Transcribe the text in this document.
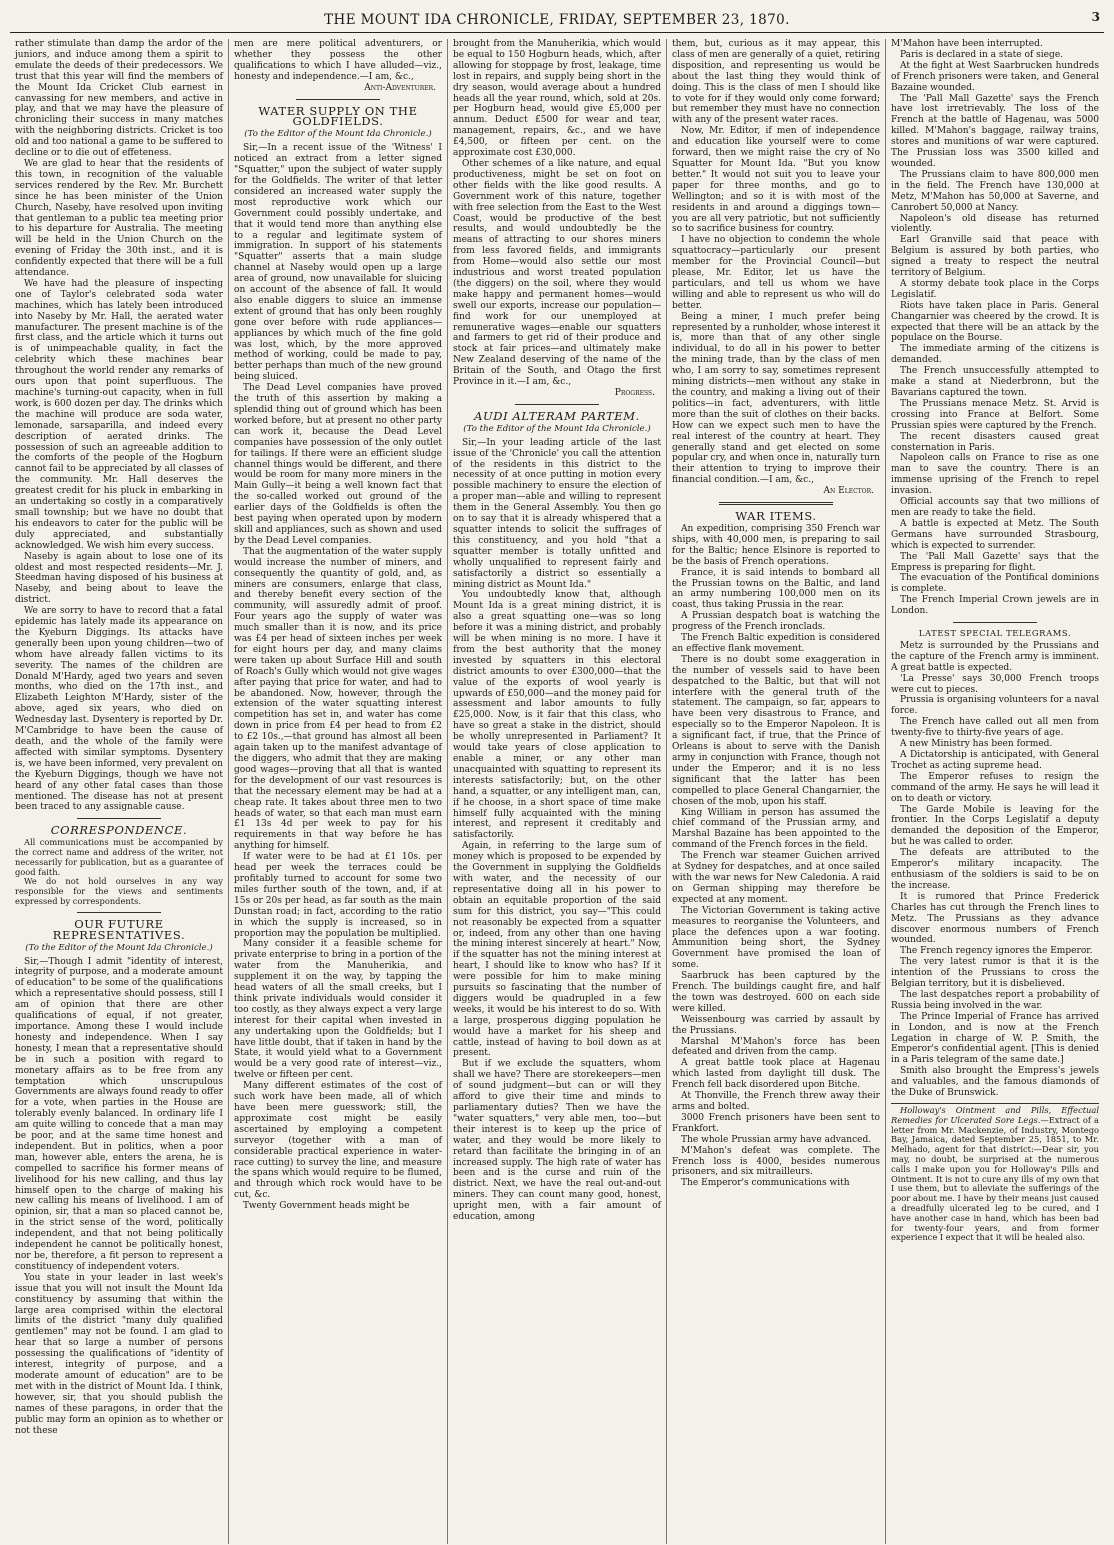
THE MOUNT IDA CHRONICLE, FRIDAY, SEPTEMBER 23, 1870.	3

rather stimulate than damp the ardor of the juniors, and induce among them a spirit to emulate the deeds of their predecessors. We trust that this year will find the members of the Mount Ida Cricket Club earnest in canvassing for new members, and active in play, and that we may have the pleasure of chronicling their success in many matches with the neighboring districts. Cricket is too old and too national a game to be suffered to decline or to die out of effeteness.

We are glad to hear that the residents of this town, in recognition of the valuable services rendered by the Rev. Mr. Burchett since he has been minister of the Union Church, Naseby, have resolved upon inviting that gentleman to a public tea meeting prior to his departure for Australia. The meeting will be held in the Union Church on the evening of Friday the 30th inst., and it is confidently expected that there will be a full attendance.

We have had the pleasure of inspecting one of Taylor's celebrated soda water machines, which has lately been introduced into Naseby by Mr. Hall, the aerated water manufacturer. The present machine is of the first class, and the article which it turns out is of unimpeachable quality, in fact the celebrity which these machines bear throughout the world render any remarks of ours upon that point superfluous. The machine's turning-out capacity, when in full work, is 600 dozen per day. The drinks which the machine will produce are soda water, lemonade, sarsaparilla, and indeed every description of aerated drinks. The possession of such an agreeable addition to the comforts of the people of the Hogburn cannot fail to be appreciated by all classes of the community. Mr. Hall deserves the greatest credit for his pluck in embarking in an undertaking so costly in a comparatively small township; but we have no doubt that his endeavors to cater for the public will be duly appreciated, and substantially acknowledged. We wish him every success.

Naseby is again about to lose one of its oldest and most respected residents—Mr. J. Steedman having disposed of his business at Naseby, and being about to leave the district.

We are sorry to have to record that a fatal epidemic has lately made its appearance on the Kyeburn Diggings. Its attacks have generally been upon young children—two of whom have already fallen victims to its severity. The names of the children are Donald M'Hardy, aged two years and seven months, who died on the 17th inst., and Elizabeth Leighton M'Hardy, sister of the above, aged six years, who died on Wednesday last. Dysentery is reported by Dr. M'Cambridge to have been the cause of death, and the whole of the family were affected with similar symptoms. Dysentery is, we have been informed, very prevalent on the Kyeburn Diggings, though we have not heard of any other fatal cases than those mentioned. The disease has not at present been traced to any assignable cause.

CORRESPONDENCE.

All communications must be accompanied by the correct name and address of the writer, not necessarily for publication, but as a guarantee of good faith.

We do not hold ourselves in any way responsible for the views and sentiments expressed by correspondents.

OUR FUTURE REPRESENTATIVES.
(To the Editor of the Mount Ida Chronicle.)

Sir,—Though I admit "identity of interest, integrity of purpose, and a moderate amount of education" to be some of the qualifications which a representative should possess, still I am of opinion that there are other qualifications of equal, if not greater, importance. Among these I would include honesty and independence. When I say honesty, I mean that a representative should be in such a position with regard to monetary affairs as to be free from any temptation which unscrupulous Governments are always found ready to offer for a vote, when parties in the House are tolerably evenly balanced. In ordinary life I am quite willing to concede that a man may be poor, and at the same time honest and independent. But in politics, when a poor man, however able, enters the arena, he is compelled to sacrifice his former means of livelihood for his new calling, and thus lay himself open to the charge of making his new calling his means of livelihood. I am of opinion, sir, that a man so placed cannot be, in the strict sense of the word, politically independent, and that not being politically independent he cannot be politically honest, nor be, therefore, a fit person to represent a constituency of independent voters.

You state in your leader in last week's issue that you will not insult the Mount Ida constituency by assuming that within the large area comprised within the electoral limits of the district "many duly qualified gentlemen" may not be found. I am glad to hear that so large a number of persons possessing the qualifications of "identity of interest, integrity of purpose, and a moderate amount of education" are to be met with in the district of Mount Ida. I think, however, sir, that you should publish the names of these paragons, in order that the public may form an opinion as to whether or not these

men are mere political adventurers, or whether they possess the other qualifications to which I have alluded—viz., honesty and independence.—I am, &c.,

Anti-Adventurer.

WATER SUPPLY ON THE GOLDFIELDS.
(To the Editor of the Mount Ida Chronicle.)

Sir,—In a recent issue of the 'Witness' I noticed an extract from a letter signed "Squatter," upon the subject of water supply for the Goldfields. The writer of that letter considered an increased water supply the most reproductive work which our Government could possibly undertake, and that it would tend more than anything else to a regular and legitimate system of immigration. In support of his statements "Squatter" asserts that a main sludge channel at Naseby would open up a large area of ground, now unavailable for sluicing on account of the absence of fall. It would also enable diggers to sluice an immense extent of ground that has only been roughly gone over before with rude appliances—appliances by which much of the fine gold was lost, which, by the more approved method of working, could be made to pay, better perhaps than much of the new ground being sluiced.

The Dead Level companies have proved the truth of this assertion by making a splendid thing out of ground which has been worked before, but at present no other party can work it, because the Dead Level companies have possession of the only outlet for tailings. If there were an efficient sludge channel things would be different, and there would be room for many more miners in the Main Gully—it being a well known fact that the so-called worked out ground of the earlier days of the Goldfields is often the best paying when operated upon by modern skill and appliances, such as shown and used by the Dead Level companies.

That the augmentation of the water supply would increase the number of miners, and consequently the quantity of gold, and, as miners are consumers, enlarge that class, and thereby benefit every section of the community, will assuredly admit of proof. Four years ago the supply of water was much smaller than it is now, and its price was £4 per head of sixteen inches per week for eight hours per day, and many claims were taken up about Surface Hill and south of Roach's Gully which would not give wages after paying that price for water, and had to be abandoned. Now, however, through the extension of the water squatting interest competition has set in, and water has come down in price from £4 per head to from £2 to £2 10s.,—that ground has almost all been again taken up to the manifest advantage of the diggers, who admit that they are making good wages—proving that all that is wanted for the development of our vast resources is that the necessary element may be had at a cheap rate. It takes about three men to two heads of water, so that each man must earn £1 13s 4d per week to pay for his requirements in that way before he has anything for himself.

If water were to be had at £1 10s. per head per week the terraces could be profitably turned to account for some two miles further south of the town, and, if at 15s or 20s per head, as far south as the main Dunstan road; in fact, according to the ratio in which the supply is increased, so in proportion may the population be multiplied.

Many consider it a feasible scheme for private enterprise to bring in a portion of the water from the Manuherikia, and supplement it on the way, by tapping the head waters of all the small creeks, but I think private individuals would consider it too costly, as they always expect a very large interest for their capital when invested in any undertaking upon the Goldfields; but I have little doubt, that if taken in hand by the State, it would yield what to a Government would be a very good rate of interest—viz., twelve or fifteen per cent.

Many different estimates of the cost of such work have been made, all of which have been mere guesswork; still, the approximate cost might be easily ascertained by employing a competent surveyor (together with a man of considerable practical experience in water-race cutting) to survey the line, and measure the spans which would require to be flumed, and through which rock would have to be cut, &c.

Twenty Government heads might be

brought from the Manuherikia, which would be equal to 150 Hogburn heads, which, after allowing for stoppage by frost, leakage, time lost in repairs, and supply being short in the dry season, would average about a hundred heads all the year round, which, sold at 20s. per Hogburn head, would give £5,000 per annum. Deduct £500 for wear and tear, management, repairs, &c., and we have £4,500, or fifteen per cent. on the approximate cost £30,000.

Other schemes of a like nature, and equal productiveness, might be set on foot on other fields with the like good results. A Government work of this nature, together with free selection from the East to the West Coast, would be productive of the best results, and would undoubtedly be the means of attracting to our shores miners from less favored fields, and immigrants from Home—would also settle our most industrious and worst treated population (the diggers) on the soil, where they would make happy and permanent homes—would swell our exports, increase our population—find work for our unemployed at remunerative wages—enable our squatters and farmers to get rid of their produce and stock at fair prices—and ultimately make New Zealand deserving of the name of the Britain of the South, and Otago the first Province in it.—I am, &c.,

Progress.

AUDI ALTERAM PARTEM.
(To the Editor of the Mount Ida Chronicle.)

Sir,—In your leading article of the last issue of the 'Chronicle' you call the attention of the residents in this district to the necessity of at once putting in motion every possible machinery to ensure the election of a proper man—able and willing to represent them in the General Assembly. You then go on to say that it is already whispered that a squatter intends to solicit the suffrages of this constituency, and you hold "that a squatter member is totally unfitted and wholly unqualified to represent fairly and satisfactorily a district so essentially a mining district as Mount Ida."

You undoubtedly know that, although Mount Ida is a great mining district, it is also a great squatting one—was so long before it was a mining district, and probably will be when mining is no more. I have it from the best authority that the money invested by squatters in this electoral district amounts to over £300,000—that the value of the exports of wool yearly is upwards of £50,000—and the money paid for assessment and labor amounts to fully £25,000. Now, is it fair that this class, who have so great a stake in the district, should be wholly unrepresented in Parliament? It would take years of close application to enable a miner, or any other man unacquainted with squatting to represent its interests satisfactorily; but, on the other hand, a squatter, or any intelligent man, can, if he choose, in a short space of time make himself fully acquainted with the mining interest, and represent it creditably and satisfactorily.

Again, in referring to the large sum of money which is proposed to be expended by the Government in supplying the Goldfields with water, and the necessity of our representative doing all in his power to obtain an equitable proportion of the said sum for this district, you say—"This could not reasonably be expected from a squatter or, indeed, from any other than one having the mining interest sincerely at heart." Now, if the squatter has not the mining interest at heart, I should like to know who has? If it were possible for him to make mining pursuits so fascinating that the number of diggers would be quadrupled in a few weeks, it would be his interest to do so. With a large, prosperous digging population he would have a market for his sheep and cattle, instead of having to boil down as at present.

But if we exclude the squatters, whom shall we have? There are storekeepers—men of sound judgment—but can or will they afford to give their time and minds to parliamentary duties? Then we have the "water squatters," very able men, too—but their interest is to keep up the price of water, and they would be more likely to retard than facilitate the bringing in of an increased supply. The high rate of water has been and is the curse and ruin of the district. Next, we have the real out-and-out miners. They can count many good, honest, upright men, with a fair amount of education, among

them, but, curious as it may appear, this class of men are generally of a quiet, retiring disposition, and representing us would be about the last thing they would think of doing. This is the class of men I should like to vote for if they would only come forward; but remember they must have no connection with any of the present water races.

Now, Mr. Editor, if men of independence and education like yourself were to come forward, then we might raise the cry of No Squatter for Mount Ida. "But you know better." It would not suit you to leave your paper for three months, and go to Wellington; and so it is with most of the residents in and around a diggings town—you are all very patriotic, but not sufficiently so to sacrifice business for country.

I have no objection to condemn the whole squattocracy—particularly our present member for the Provincial Council—but please, Mr. Editor, let us have the particulars, and tell us whom we have willing and able to represent us who will do better.

Being a miner, I much prefer being represented by a runholder, whose interest it is, more than that of any other single individual, to do all in his power to better the mining trade, than by the class of men who, I am sorry to say, sometimes represent mining districts—men without any stake in the country, and making a living out of their politics—in fact, adventurers, with little more than the suit of clothes on their backs. How can we expect such men to have the real interest of the country at heart. They generally stand and get elected on some popular cry, and when once in, naturally turn their attention to trying to improve their financial condition.—I am, &c.,

An Elector.

WAR ITEMS.

An expedition, comprising 350 French war ships, with 40,000 men, is preparing to sail for the Baltic; hence Elsinore is reported to be the basis of French operations.

France, it is said intends to bombard all the Prussian towns on the Baltic, and land an army numbering 100,000 men on its coast, thus taking Prussia in the rear.

A Prussian despatch boat is watching the progress of the French ironclads.

The French Baltic expedition is considered an effective flank movement.

There is no doubt some exaggeration in the number of vessels said to have been despatched to the Baltic, but that will not interfere with the general truth of the statement. The campaign, so far, appears to have been very disastrous to France, and especially so to the Emperor Napoleon. It is a significant fact, if true, that the Prince of Orleans is about to serve with the Danish army in conjunction with France, though not under the Emperor; and it is no less significant that the latter has been compelled to place General Changarnier, the chosen of the mob, upon his staff.

King William in person has assumed the chief command of the Prussian army, and Marshal Bazaine has been appointed to the command of the French forces in the field.

The French war steamer Guichen arrived at Sydney for despatches, and at once sailed with the war news for New Caledonia. A raid on German shipping may therefore be expected at any moment.

The Victorian Government is taking active measures to reorganise the Volunteers, and place the defences upon a war footing. Ammunition being short, the Sydney Government have promised the loan of some.

Saarbruck has been captured by the French. The buildings caught fire, and half the town was destroyed. 600 on each side were killed.

Weissenbourg was carried by assault by the Prussians.

Marshal M'Mahon's force has been defeated and driven from the camp.

A great battle took place at Hagenau which lasted from daylight till dusk. The French fell back disordered upon Bitche.

At Thonville, the French threw away their arms and bolted.

3000 French prisoners have been sent to Frankfort.

The whole Prussian army have advanced.

M'Mahon's defeat was complete. The French loss is 4000, besides numerous prisoners, and six mitrailleurs.

The Emperor's communications with

M'Mahon have been interrupted.

Paris is declared in a state of siege.

At the fight at West Saarbrucken hundreds of French prisoners were taken, and General Bazaine wounded.

The 'Pall Mall Gazette' says the French have lost irretrievably. The loss of the French at the battle of Hagenau, was 5000 killed. M'Mahon's baggage, railway trains, stores and munitions of war were captured. The Prussian loss was 3500 killed and wounded.

The Prussians claim to have 800,000 men in the field. The French have 130,000 at Metz, M'Mahon has 50,000 at Saverne, and Canrobert 50,000 at Nancy.

Napoleon's old disease has returned violently.

Earl Granville said that peace with Belgium is assured by both parties, who signed a treaty to respect the neutral territory of Belgium.

A stormy debate took place in the Corps Legislatif.

Riots have taken place in Paris. General Changarnier was cheered by the crowd. It is expected that there will be an attack by the populace on the Bourse.

The immediate arming of the citizens is demanded.

The French unsuccessfully attempted to make a stand at Niederbronn, but the Bavarians captured the town.

The Prussians menace Metz. St. Arvid is crossing into France at Belfort. Some Prussian spies were captured by the French.

The recent disasters caused great consternation in Paris.

Napoleon calls on France to rise as one man to save the country. There is an immense uprising of the French to repel invasion.

Official accounts say that two millions of men are ready to take the field.

A battle is expected at Metz. The South Germans have surrounded Strasbourg, which is expected to surrender.

The 'Pall Mall Gazette' says that the Empress is preparing for flight.

The evacuation of the Pontifical dominions is complete.

The French Imperial Crown jewels are in London.

LATEST SPECIAL TELEGRAMS.

Metz is surrounded by the Prussians and the capture of the French army is imminent. A great battle is expected.

'La Presse' says 30,000 French troops were cut to pieces.

Prussia is organising volunteers for a naval force.

The French have called out all men from twenty-five to thirty-five years of age.

A new Ministry has been formed.

A Dictatorship is anticipated, with General Trochet as acting supreme head.

The Emperor refuses to resign the command of the army. He says he will lead it on to death or victory.

The Garde Mobile is leaving for the frontier. In the Corps Legislatif a deputy demanded the deposition of the Emperor, but he was called to order.

The defeats are attributed to the Emperor's military incapacity. The enthusiasm of the soldiers is said to be on the increase.

It is rumored that Prince Frederick Charles has cut through the French lines to Metz. The Prussians as they advance discover enormous numbers of French wounded.

The French regency ignores the Emperor.

The very latest rumor is that it is the intention of the Prussians to cross the Belgian territory, but it is disbelieved.

The last despatches report a probability of Russia being involved in the war.

The Prince Imperial of France has arrived in London, and is now at the French Legation in charge of W. P. Smith, the Emperor's confidential agent. [This is denied in a Paris telegram of the same date.]

Smith also brought the Empress's jewels and valuables, and the famous diamonds of the Duke of Brunswick.

Holloway's Ointment and Pills, Effectual Remedies for Ulcerated Sore Legs.—Extract of a letter from Mr. Mackenzie, of Industry, Montego Bay, Jamaica, dated September 25, 1851, to Mr. Melhado, agent for that district:—Dear sir, you may, no doubt, be surprised at the numerous calls I make upon you for Holloway's Pills and Ointment. It is not to cure any ills of my own that I use them, but to alleviate the sufferings of the poor about me. I have by their means just caused a dreadfully ulcerated leg to be cured, and I have another case in hand, which has been bad for twenty-four years, and from former experience I expect that it will be healed also.
